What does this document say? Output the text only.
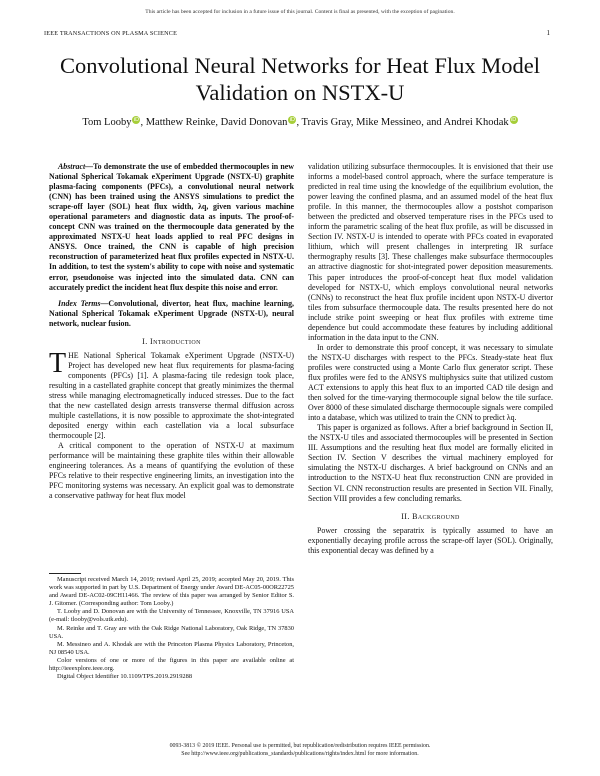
This article has been accepted for inclusion in a future issue of this journal. Content is final as presented, with the exception of pagination.
IEEE TRANSACTIONS ON PLASMA SCIENCE	1
Convolutional Neural Networks for Heat Flux Model Validation on NSTX-U
Tom Looby iD, Matthew Reinke, David Donovan iD, Travis Gray, Mike Messineo, and Andrei Khodak iD

Abstract—To demonstrate the use of embedded thermocouples in new National Spherical Tokamak eXperiment Upgrade (NSTX-U) graphite plasma-facing components (PFCs), a convolutional neural network (CNN) has been trained using the ANSYS simulations to predict the scrape-off layer (SOL) heat flux width, λq, given various machine operational parameters and diagnostic data as inputs. The proof-of-concept CNN was trained on the thermocouple data generated by the approximated NSTX-U heat loads applied to real PFC designs in ANSYS. Once trained, the CNN is capable of high precision reconstruction of parameterized heat flux profiles expected in NSTX-U. In addition, to test the system's ability to cope with noise and systematic error, pseudonoise was injected into the simulated data. CNN can accurately predict the incident heat flux despite this noise and error.

Index Terms—Convolutional, divertor, heat flux, machine learning, National Spherical Tokamak eXperiment Upgrade (NSTX-U), neural network, nuclear fusion.

I. Introduction

THE National Spherical Tokamak eXperiment Upgrade (NSTX-U) Project has developed new heat flux requirements for plasma-facing components (PFCs) [1]. A plasma-facing tile redesign took place, resulting in a castellated graphite concept that greatly minimizes the thermal stress while managing electromagnetically induced stresses. Due to the fact that the new castellated design arrests transverse thermal diffusion across multiple castellations, it is now possible to approximate the shot-integrated deposited energy within each castellation via a local subsurface thermocouple [2].

A critical component to the operation of NSTX-U at maximum performance will be maintaining these graphite tiles within their allowable engineering tolerances. As a means of quantifying the evolution of these PFCs relative to their respective engineering limits, an investigation into the PFC monitoring systems was necessary. An explicit goal was to demonstrate a conservative pathway for heat flux model

Manuscript received March 14, 2019; revised April 25, 2019; accepted May 20, 2019. This work was supported in part by U.S. Department of Energy under Award DE-AC05-00OR22725 and Award DE-AC02-09CH11466. The review of this paper was arranged by Senior Editor S. J. Gitomer. (Corresponding author: Tom Looby.)

T. Looby and D. Donovan are with the University of Tennessee, Knoxville, TN 37916 USA (e-mail: tlooby@vols.utk.edu).

M. Reinke and T. Gray are with the Oak Ridge National Laboratory, Oak Ridge, TN 37830 USA.

M. Messineo and A. Khodak are with the Princeton Plasma Physics Laboratory, Princeton, NJ 08540 USA.

Color versions of one or more of the figures in this paper are available online at http://ieeexplore.ieee.org.

Digital Object Identifier 10.1109/TPS.2019.2919288

validation utilizing subsurface thermocouples. It is envisioned that their use informs a model-based control approach, where the surface temperature is predicted in real time using the knowledge of the equilibrium evolution, the power leaving the confined plasma, and an assumed model of the heat flux profile. In this manner, the thermocouples allow a postshot comparison between the predicted and observed temperature rises in the PFCs used to inform the parametric scaling of the heat flux profile, as will be discussed in Section IV. NSTX-U is intended to operate with PFCs coated in evaporated lithium, which will present challenges in interpreting IR surface thermography results [3]. These challenges make subsurface thermocouples an attractive diagnostic for shot-integrated power deposition measurements. This paper introduces the proof-of-concept heat flux model validation developed for NSTX-U, which employs convolutional neural networks (CNNs) to reconstruct the heat flux profile incident upon NSTX-U divertor tiles from subsurface thermocouple data. The results presented here do not include strike point sweeping or heat flux profiles with extreme time dependence but could accommodate these features by including additional information in the data input to the CNN.

In order to demonstrate this proof concept, it was necessary to simulate the NSTX-U discharges with respect to the PFCs. Steady-state heat flux profiles were constructed using a Monte Carlo flux generator script. These flux profiles were fed to the ANSYS multiphysics suite that utilized custom ACT extensions to apply this heat flux to an imported CAD tile design and then solved for the time-varying thermocouple signal below the tile surface. Over 8000 of these simulated discharge thermocouple signals were compiled into a database, which was utilized to train the CNN to predict λq.

This paper is organized as follows. After a brief background in Section II, the NSTX-U tiles and associated thermocouples will be presented in Section III. Assumptions and the resulting heat flux model are formally elicited in Section IV. Section V describes the virtual machinery employed for simulating the NSTX-U discharges. A brief background on CNNs and an introduction to the NSTX-U heat flux reconstruction CNN are provided in Section VI. CNN reconstruction results are presented in Section VII. Finally, Section VIII provides a few concluding remarks.

II. Background

Power crossing the separatrix is typically assumed to have an exponentially decaying profile across the scrape-off layer (SOL). Originally, this exponential decay was defined by a

0093-3813 © 2019 IEEE. Personal use is permitted, but republication/redistribution requires IEEE permission.
See http://www.ieee.org/publications_standards/publications/rights/index.html for more information.
